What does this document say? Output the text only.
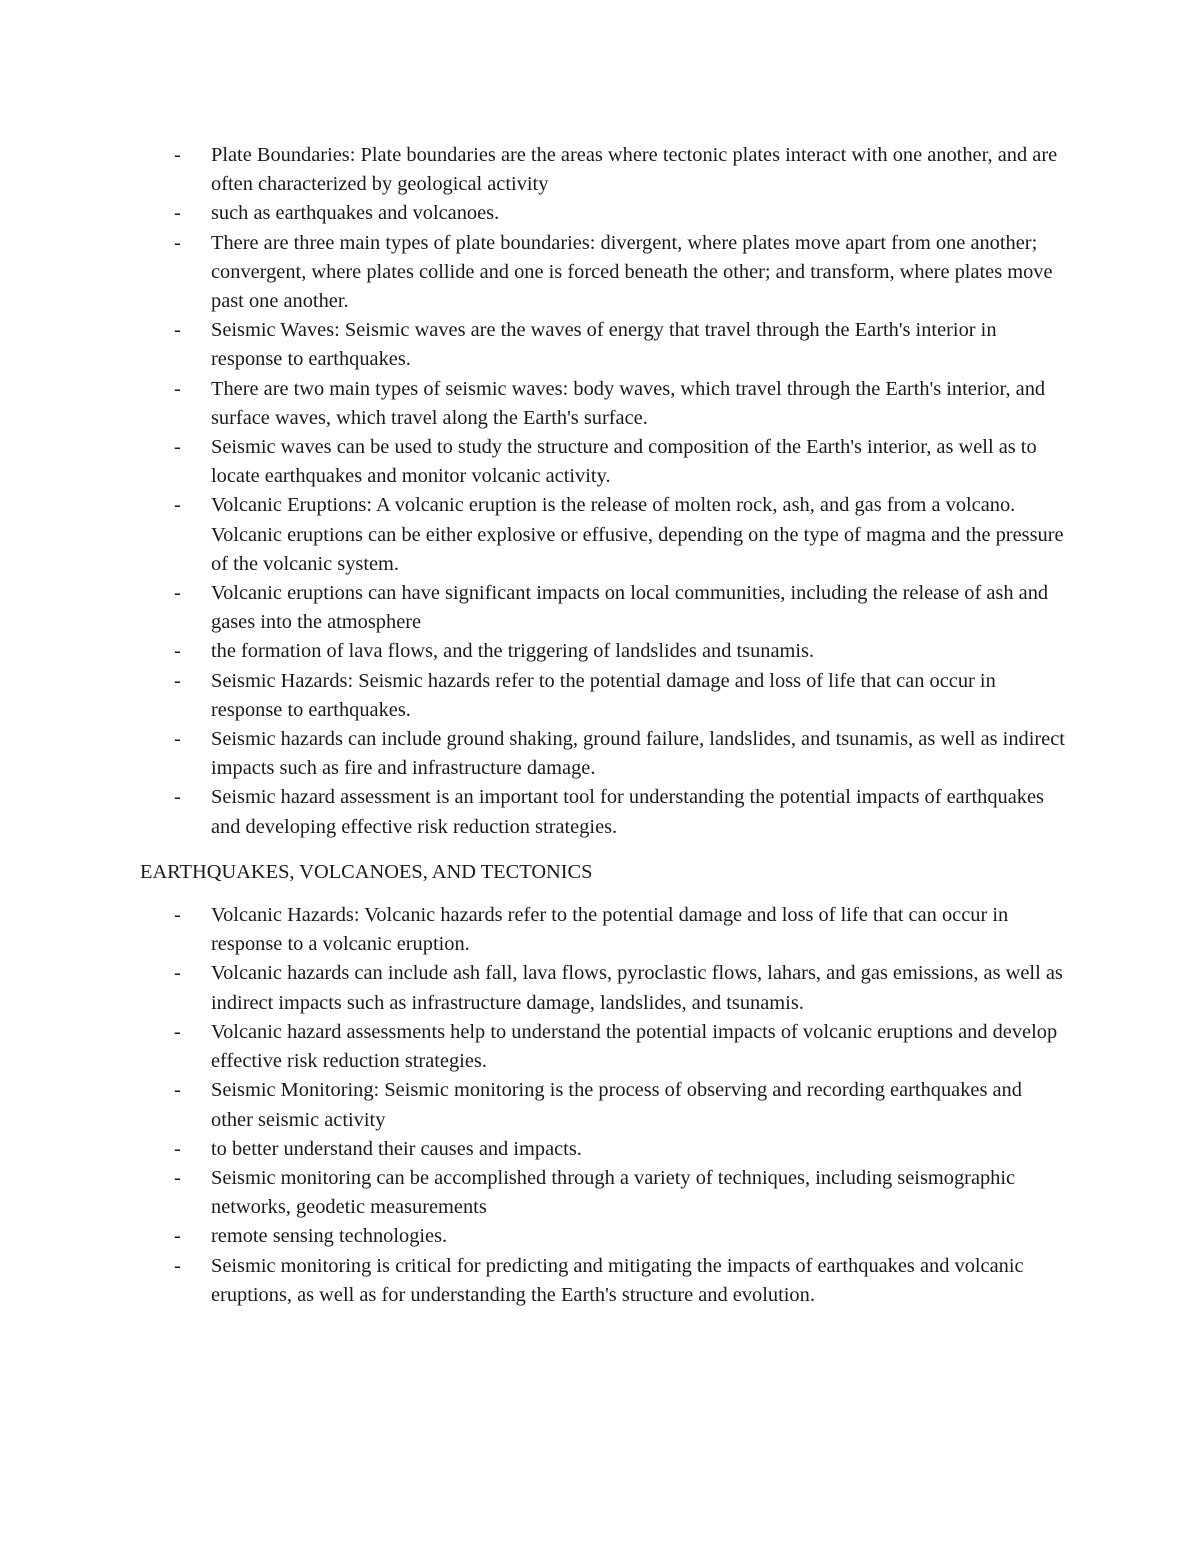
- Plate Boundaries: Plate boundaries are the areas where tectonic plates interact with one another, and are often characterized by geological activity
- such as earthquakes and volcanoes.
- There are three main types of plate boundaries: divergent, where plates move apart from one another; convergent, where plates collide and one is forced beneath the other; and transform, where plates move past one another.
- Seismic Waves: Seismic waves are the waves of energy that travel through the Earth's interior in response to earthquakes.
- There are two main types of seismic waves: body waves, which travel through the Earth's interior, and surface waves, which travel along the Earth's surface.
- Seismic waves can be used to study the structure and composition of the Earth's interior, as well as to locate earthquakes and monitor volcanic activity.
- Volcanic Eruptions: A volcanic eruption is the release of molten rock, ash, and gas from a volcano. Volcanic eruptions can be either explosive or effusive, depending on the type of magma and the pressure of the volcanic system.
- Volcanic eruptions can have significant impacts on local communities, including the release of ash and gases into the atmosphere
- the formation of lava flows, and the triggering of landslides and tsunamis.
- Seismic Hazards: Seismic hazards refer to the potential damage and loss of life that can occur in response to earthquakes.
- Seismic hazards can include ground shaking, ground failure, landslides, and tsunamis, as well as indirect impacts such as fire and infrastructure damage.
- Seismic hazard assessment is an important tool for understanding the potential impacts of earthquakes and developing effective risk reduction strategies.
EARTHQUAKES, VOLCANOES, AND TECTONICS
- Volcanic Hazards: Volcanic hazards refer to the potential damage and loss of life that can occur in response to a volcanic eruption.
- Volcanic hazards can include ash fall, lava flows, pyroclastic flows, lahars, and gas emissions, as well as indirect impacts such as infrastructure damage, landslides, and tsunamis.
- Volcanic hazard assessments help to understand the potential impacts of volcanic eruptions and develop effective risk reduction strategies.
- Seismic Monitoring: Seismic monitoring is the process of observing and recording earthquakes and other seismic activity
- to better understand their causes and impacts.
- Seismic monitoring can be accomplished through a variety of techniques, including seismographic networks, geodetic measurements
- remote sensing technologies.
- Seismic monitoring is critical for predicting and mitigating the impacts of earthquakes and volcanic eruptions, as well as for understanding the Earth's structure and evolution.
